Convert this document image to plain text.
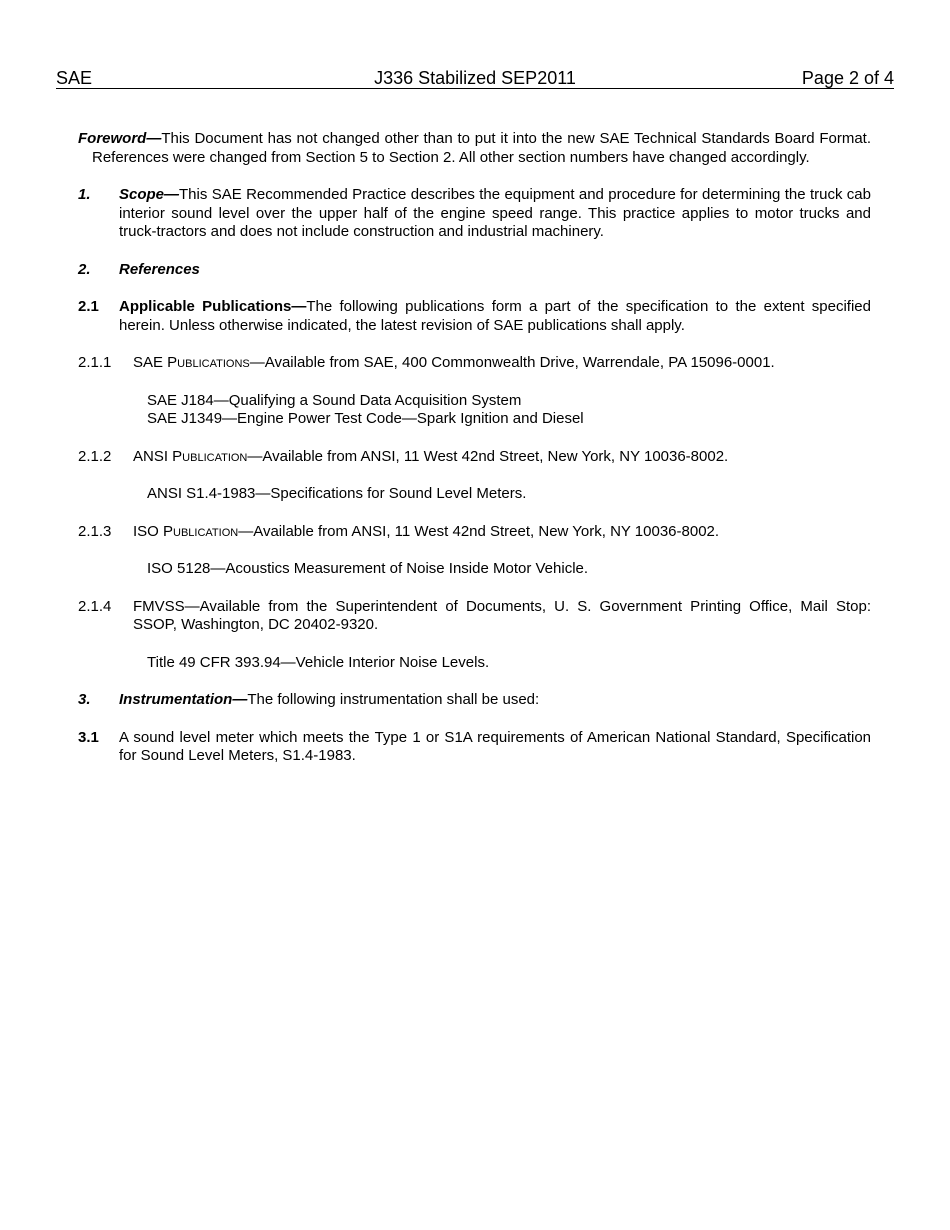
J336 Stabilized SEP2011
SAE	Page 2 of 4
Foreword—This Document has not changed other than to put it into the new SAE Technical Standards Board Format. References were changed from Section 5 to Section 2. All other section numbers have changed accordingly.
1. Scope—This SAE Recommended Practice describes the equipment and procedure for determining the truck cab interior sound level over the upper half of the engine speed range. This practice applies to motor trucks and truck-tractors and does not include construction and industrial machinery.
2. References
2.1 Applicable Publications—The following publications form a part of the specification to the extent specified herein. Unless otherwise indicated, the latest revision of SAE publications shall apply.
2.1.1 SAE Publications—Available from SAE, 400 Commonwealth Drive, Warrendale, PA 15096-0001.
SAE J184—Qualifying a Sound Data Acquisition System
SAE J1349—Engine Power Test Code—Spark Ignition and Diesel
2.1.2 ANSI Publication—Available from ANSI, 11 West 42nd Street, New York, NY 10036-8002.
ANSI S1.4-1983—Specifications for Sound Level Meters.
2.1.3 ISO Publication—Available from ANSI, 11 West 42nd Street, New York, NY 10036-8002.
ISO 5128—Acoustics Measurement of Noise Inside Motor Vehicle.
2.1.4 FMVSS—Available from the Superintendent of Documents, U. S. Government Printing Office, Mail Stop: SSOP, Washington, DC 20402-9320.
Title 49 CFR 393.94—Vehicle Interior Noise Levels.
3. Instrumentation—The following instrumentation shall be used:
3.1 A sound level meter which meets the Type 1 or S1A requirements of American National Standard, Specification for Sound Level Meters, S1.4-1983.
